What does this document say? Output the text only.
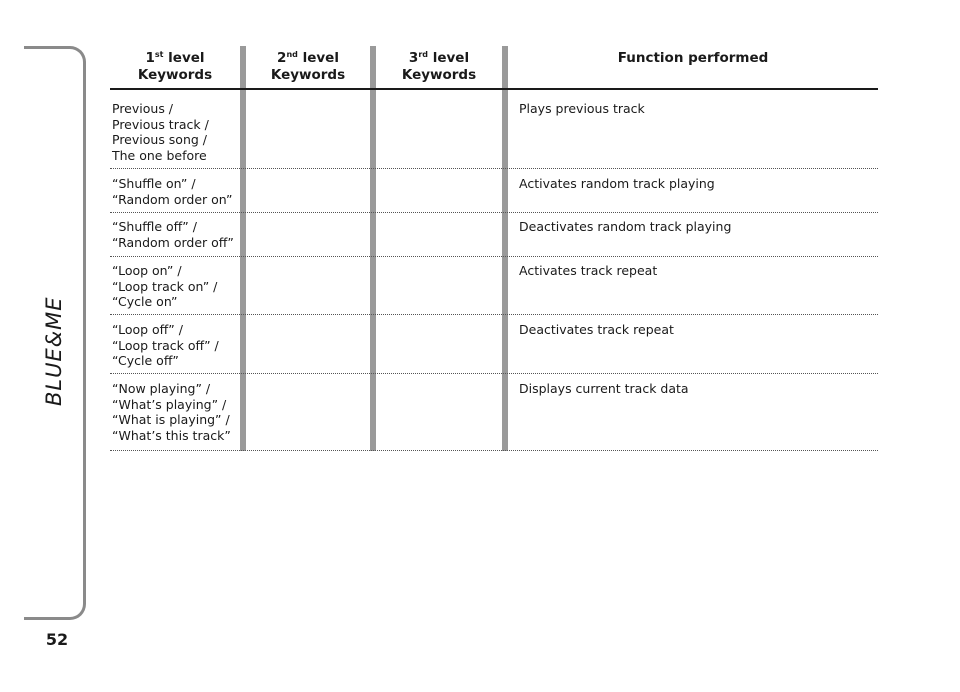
BLUE&ME
52
1st level
Keywords
2nd level
Keywords
3rd level
Keywords
Function performed
Previous /
Previous track /
Previous song /
The one before
Plays previous track
“Shuffle on” /
“Random order on”
Activates random track playing
“Shuffle off” /
“Random order off”
Deactivates random track playing
“Loop on” /
“Loop track on” /
“Cycle on”
Activates track repeat
“Loop off” /
“Loop track off” /
“Cycle off”
Deactivates track repeat
“Now playing” /
“What’s playing” /
“What is playing” /
“What’s this track”
Displays current track data
